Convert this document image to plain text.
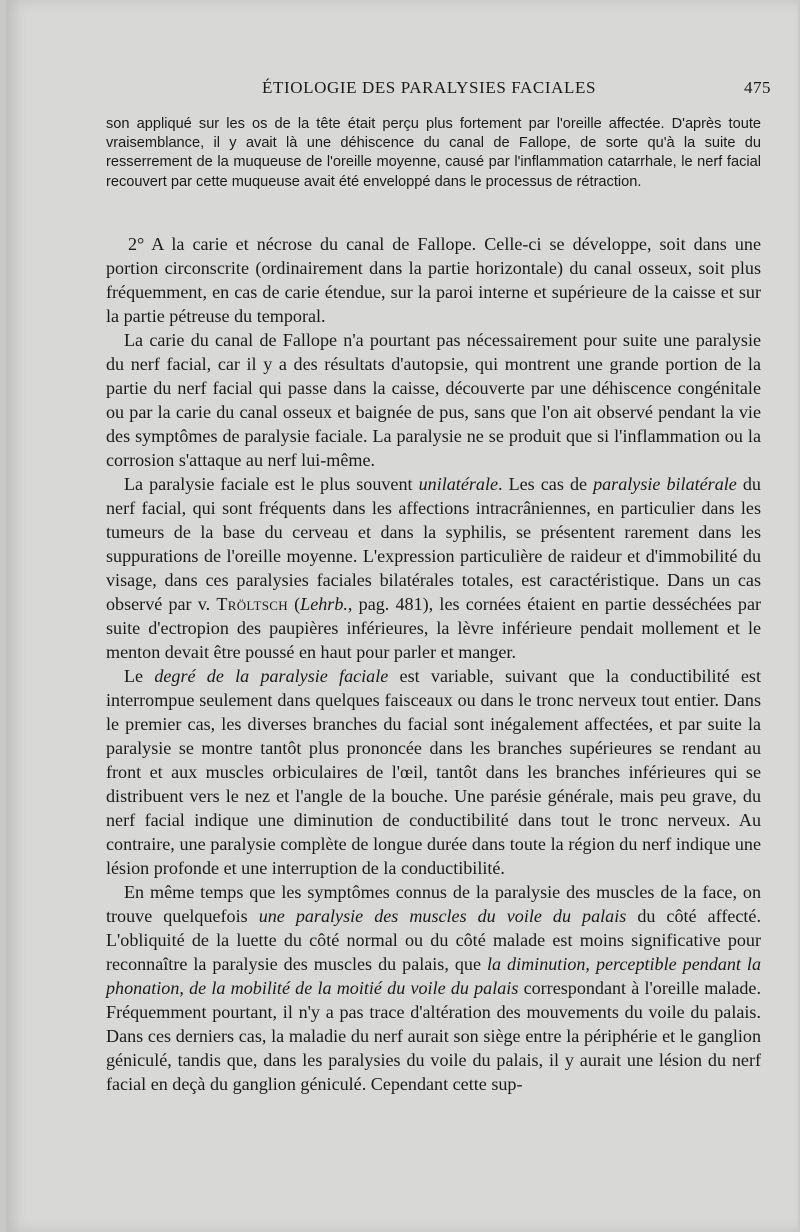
ÉTIOLOGIE DES PARALYSIES FACIALES	475

son appliqué sur les os de la tête était perçu plus fortement par l'oreille affectée. D'après toute vraisemblance, il y avait là une déhiscence du canal de Fallope, de sorte qu'à la suite du resserrement de la muqueuse de l'oreille moyenne, causé par l'inflammation catarrhale, le nerf facial recouvert par cette muqueuse avait été enveloppé dans le processus de rétraction.

2° A la carie et nécrose du canal de Fallope. Celle-ci se développe, soit dans une portion circonscrite (ordinairement dans la partie horizontale) du canal osseux, soit plus fréquemment, en cas de carie étendue, sur la paroi interne et supérieure de la caisse et sur la partie pétreuse du temporal.

La carie du canal de Fallope n'a pourtant pas nécessairement pour suite une paralysie du nerf facial, car il y a des résultats d'autopsie, qui montrent une grande portion de la partie du nerf facial qui passe dans la caisse, découverte par une déhiscence congénitale ou par la carie du canal osseux et baignée de pus, sans que l'on ait observé pendant la vie des symptômes de paralysie faciale. La paralysie ne se produit que si l'inflammation ou la corrosion s'attaque au nerf lui-même.

La paralysie faciale est le plus souvent unilatérale. Les cas de paralysie bilatérale du nerf facial, qui sont fréquents dans les affections intracrâniennes, en particulier dans les tumeurs de la base du cerveau et dans la syphilis, se présentent rarement dans les suppurations de l'oreille moyenne. L'expression particulière de raideur et d'immobilité du visage, dans ces paralysies faciales bilatérales totales, est caractéristique. Dans un cas observé par v. Tröltsch (Lehrb., pag. 481), les cornées étaient en partie desséchées par suite d'ectropion des paupières inférieures, la lèvre inférieure pendait mollement et le menton devait être poussé en haut pour parler et manger.

Le degré de la paralysie faciale est variable, suivant que la conductibilité est interrompue seulement dans quelques faisceaux ou dans le tronc nerveux tout entier. Dans le premier cas, les diverses branches du facial sont inégalement affectées, et par suite la paralysie se montre tantôt plus prononcée dans les branches supérieures se rendant au front et aux muscles orbiculaires de l'œil, tantôt dans les branches inférieures qui se distribuent vers le nez et l'angle de la bouche. Une parésie générale, mais peu grave, du nerf facial indique une diminution de conductibilité dans tout le tronc nerveux. Au contraire, une paralysie complète de longue durée dans toute la région du nerf indique une lésion profonde et une interruption de la conductibilité.

En même temps que les symptômes connus de la paralysie des muscles de la face, on trouve quelquefois une paralysie des muscles du voile du palais du côté affecté. L'obliquité de la luette du côté normal ou du côté malade est moins significative pour reconnaître la paralysie des muscles du palais, que la diminution, perceptible pendant la phonation, de la mobilité de la moitié du voile du palais correspondant à l'oreille malade. Fréquemment pourtant, il n'y a pas trace d'altération des mouvements du voile du palais. Dans ces derniers cas, la maladie du nerf aurait son siège entre la périphérie et le ganglion géniculé, tandis que, dans les paralysies du voile du palais, il y aurait une lésion du nerf facial en deçà du ganglion géniculé. Cependant cette sup-
